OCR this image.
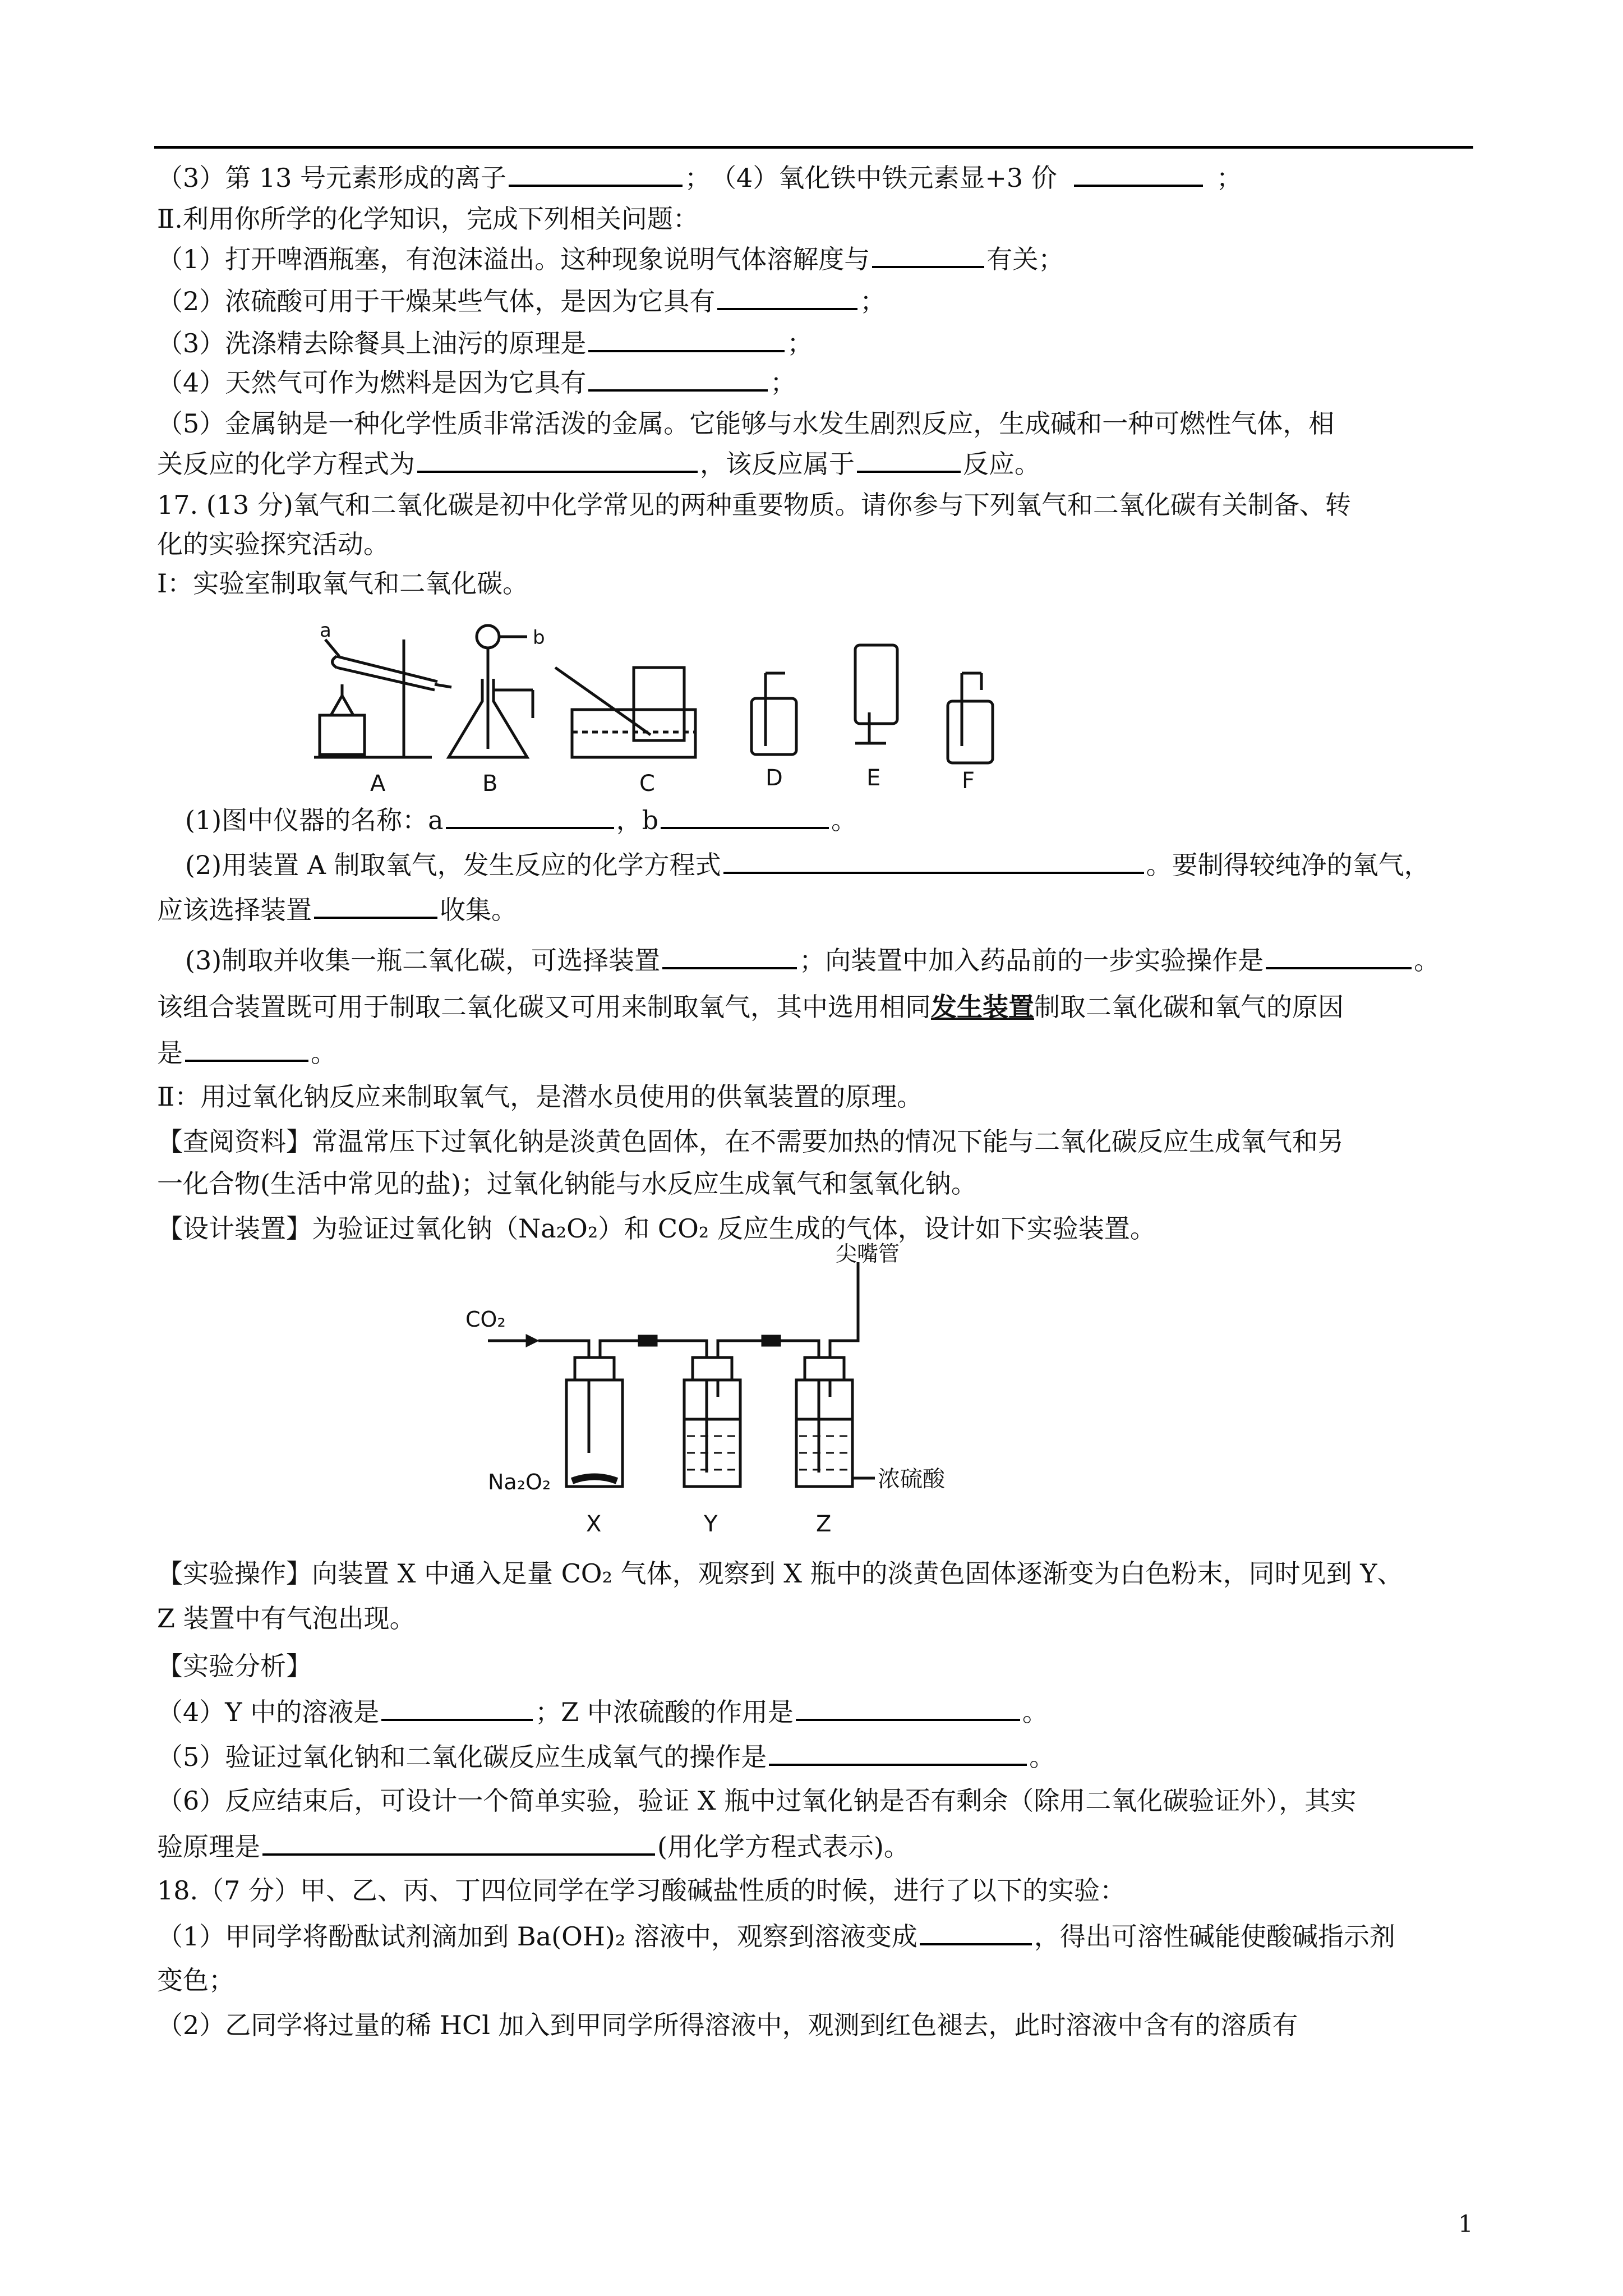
（3）第 13 号元素形成的离子	；　（4）氧化铁中铁元素显+3 价	；
Ⅱ.利用你所学的化学知识，完成下列相关问题：
（1）打开啤酒瓶塞，有泡沫溢出。这种现象说明气体溶解度与	有关；
（2）浓硫酸可用于干燥某些气体，是因为它具有	；
（3）洗涤精去除餐具上油污的原理是	；
（4）天然气可作为燃料是因为它具有	；
（5）金属钠是一种化学性质非常活泼的金属。它能够与水发生剧烈反应，生成碱和一种可燃性气体，相
关反应的化学方程式为	，该反应属于	反应。
17. (13 分)氧气和二氧化碳是初中化学常见的两种重要物质。请你参与下列氧气和二氧化碳有关制备、转
化的实验探究活动。
Ⅰ：实验室制取氧气和二氧化碳。
a
A
b
B	C	D	E	F
(1)图中仪器的名称：a	，b	。
(2)用装置 A 制取氧气，发生反应的化学方程式	。要制得较纯净的氧气，
应该选择装置	收集。
(3)制取并收集一瓶二氧化碳，可选择装置	；向装置中加入药品前的一步实验操作是	。
该组合装置既可用于制取二氧化碳又可用来制取氧气，其中选用相同发生装置制取二氧化碳和氧气的原因
是	。
Ⅱ：用过氧化钠反应来制取氧气，是潜水员使用的供氧装置的原理。
【查阅资料】常温常压下过氧化钠是淡黄色固体，在不需要加热的情况下能与二氧化碳反应生成氧气和另
一化合物(生活中常见的盐)；过氧化钠能与水反应生成氧气和氢氧化钠。
【设计装置】为验证过氧化钠（Na₂O₂）和 CO₂ 反应生成的气体，设计如下实验装置。
CO₂
尖嘴管
Na₂O₂
X	Y
浓硫酸
Z
【实验操作】向装置 X 中通入足量 CO₂ 气体，观察到 X 瓶中的淡黄色固体逐渐变为白色粉末，同时见到 Y、
Z 装置中有气泡出现。
【实验分析】
（4）Y 中的溶液是	；Z 中浓硫酸的作用是	。
（5）验证过氧化钠和二氧化碳反应生成氧气的操作是	。
（6）反应结束后，可设计一个简单实验，验证 X 瓶中过氧化钠是否有剩余（除用二氧化碳验证外），其实
验原理是	(用化学方程式表示)。
18.（7 分）甲、乙、丙、丁四位同学在学习酸碱盐性质的时候，进行了以下的实验：
（1）甲同学将酚酞试剂滴加到 Ba(OH)₂ 溶液中，观察到溶液变成	，得出可溶性碱能使酸碱指示剂
变色；
（2）乙同学将过量的稀 HCl 加入到甲同学所得溶液中，观测到红色褪去，此时溶液中含有的溶质有
1
